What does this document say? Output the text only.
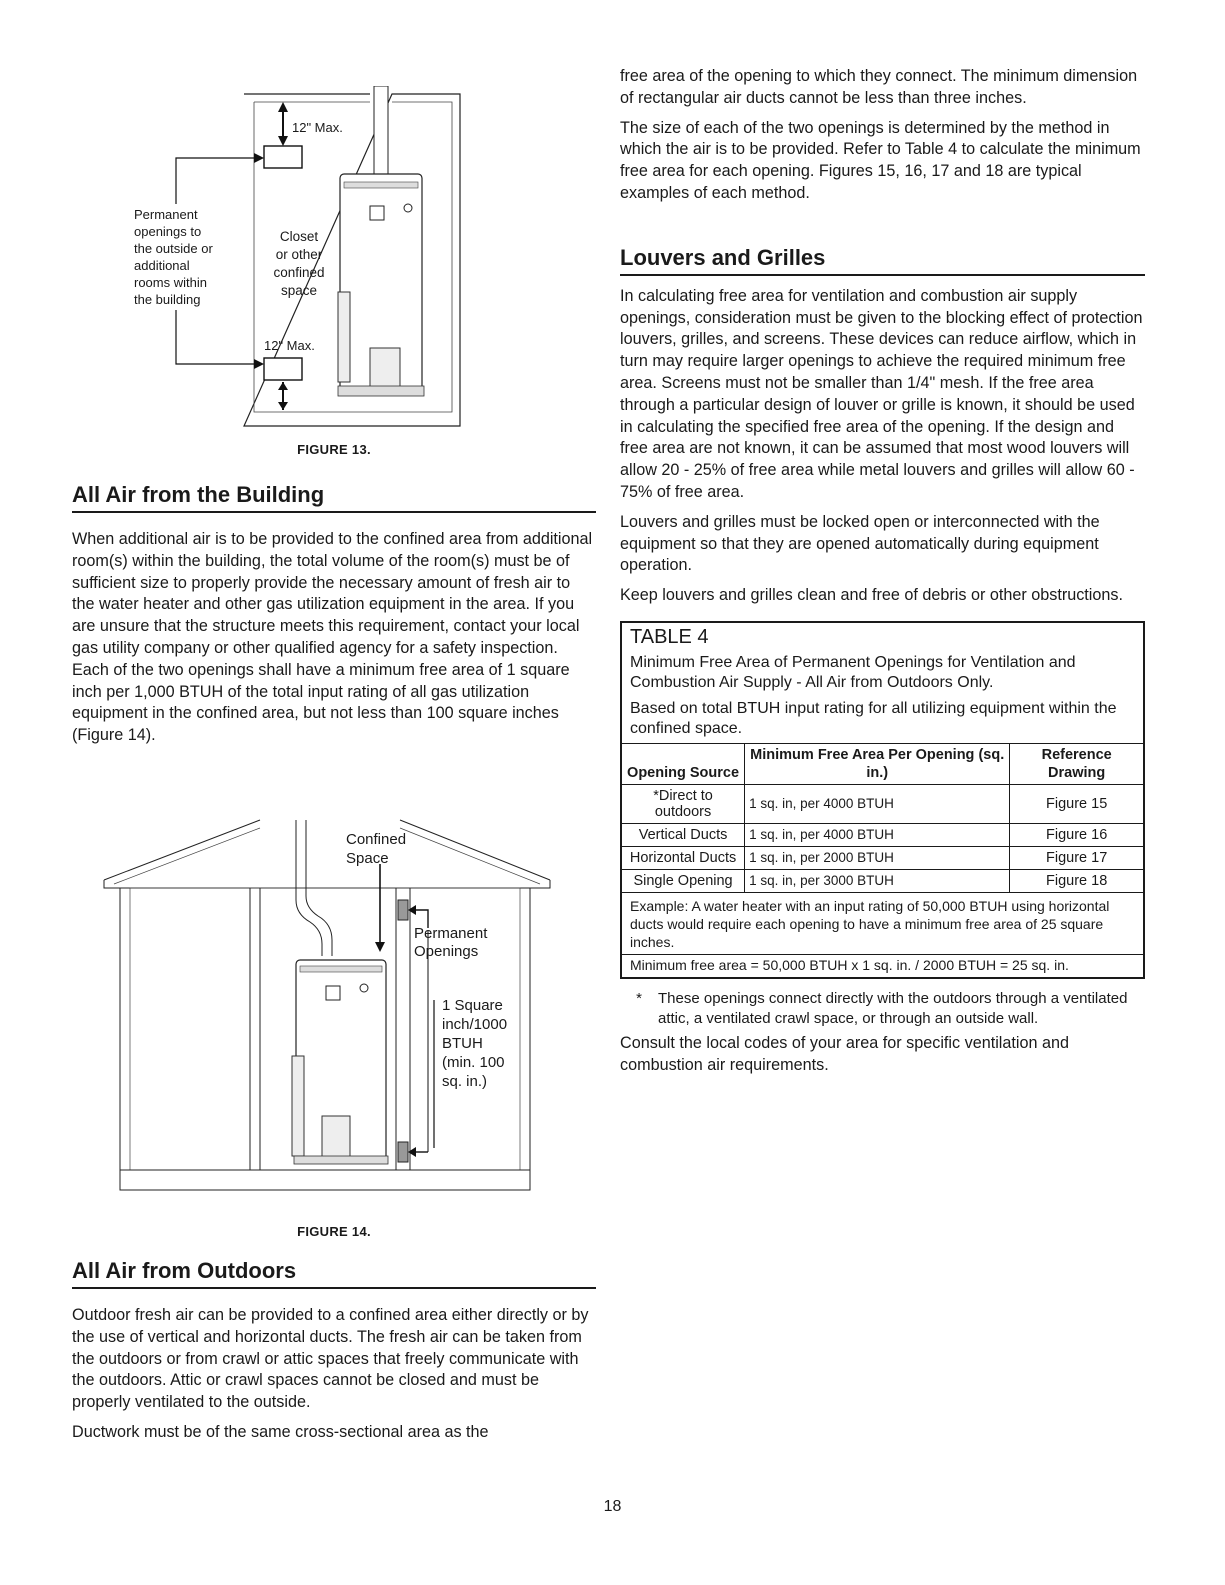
12" Max.
12" Max.
Permanent
openings to
the outside or
additional
rooms within
the building
Closet
or other
confined
space
FIGURE 13.
All Air from the Building

When additional air is to be provided to the confined area from additional room(s) within the building, the total volume of the room(s) must be of sufficient size to properly provide the necessary amount of fresh air to the water heater and other gas utilization equipment in the area. If you are unsure that the structure meets this requirement, contact your local gas utility company or other qualified agency for a safety inspection. Each of the two openings shall have a minimum free area of 1 square inch per 1,000 BTUH of the total input rating of all gas utilization equipment in the confined area, but not less than 100 square inches (Figure 14).

Confined
Space
Permanent
Openings
1 Square
inch/1000
BTUH
(min. 100
sq. in.)
FIGURE 14.
All Air from Outdoors

Outdoor fresh air can be provided to a confined area either directly or by the use of vertical and horizontal ducts. The fresh air can be taken from the outdoors or from crawl or attic spaces that freely communicate with the outdoors. Attic or crawl spaces cannot be closed and must be properly ventilated to the outside.

Ductwork must be of the same cross-sectional area as the

free area of the opening to which they connect. The minimum dimension of rectangular air ducts cannot be less than three inches.

The size of each of the two openings is determined by the method in which the air is to be provided. Refer to Table 4 to calculate the minimum free area for each opening. Figures 15, 16, 17 and 18 are typical examples of each method.

Louvers and Grilles

In calculating free area for ventilation and combustion air supply openings, consideration must be given to the blocking effect of protection louvers, grilles, and screens. These devices can reduce airflow, which in turn may require larger openings to achieve the required minimum free area. Screens must not be smaller than 1/4" mesh. If the free area through a particular design of louver or grille is known, it should be used in calculating the specified free area of the opening. If the design and free area are not known, it can be assumed that most wood louvers will allow 20 - 25% of free area while metal louvers and grilles will allow 60 - 75% of free area.

Louvers and grilles must be locked open or interconnected with the equipment so that they are opened automatically during equipment operation.

Keep louvers and grilles clean and free of debris or other obstructions.

TABLE 4
Minimum Free Area of Permanent Openings for Ventilation and Combustion Air Supply - All Air from Outdoors Only.
Based on total BTUH input rating for all utilizing equipment within the confined space.
Opening Source	Minimum Free Area Per Opening (sq. in.)	Reference Drawing
*Direct to outdoors	1 sq. in, per 4000 BTUH	Figure 15
Vertical Ducts	1 sq. in, per 4000 BTUH	Figure 16
Horizontal Ducts	1 sq. in, per 2000 BTUH	Figure 17
Single Opening	1 sq. in, per 3000 BTUH	Figure 18
Example: A water heater with an input rating of 50,000 BTUH using horizontal ducts would require each opening to have a minimum free area of 25 square inches.
Minimum free area = 50,000 BTUH x 1 sq. in. / 2000 BTUH = 25 sq. in.
*	These openings connect directly with the outdoors through a ventilated attic, a ventilated crawl space, or through an outside wall.

Consult the local codes of your area for specific ventilation and combustion air requirements.

18
